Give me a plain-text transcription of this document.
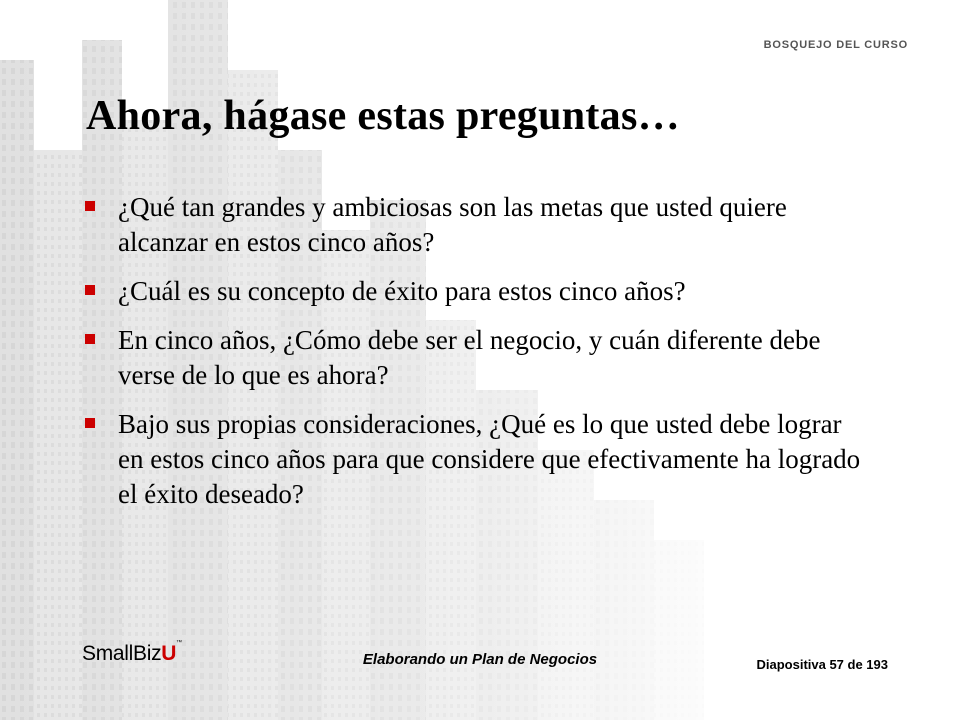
BOSQUEJO DEL CURSO
Ahora, hágase estas preguntas…
¿Qué tan grandes y ambiciosas son las metas que usted quiere alcanzar en estos cinco años?
¿Cuál es su concepto de éxito para estos cinco años?
En cinco años, ¿Cómo debe ser el negocio, y cuán diferente debe verse de lo que es ahora?
Bajo sus propias consideraciones, ¿Qué es lo que usted debe lograr en estos cinco años para que considere que efectivamente ha logrado el éxito deseado?
SmallBizU™
Elaborando un Plan de Negocios	Diapositiva 57 de 193
